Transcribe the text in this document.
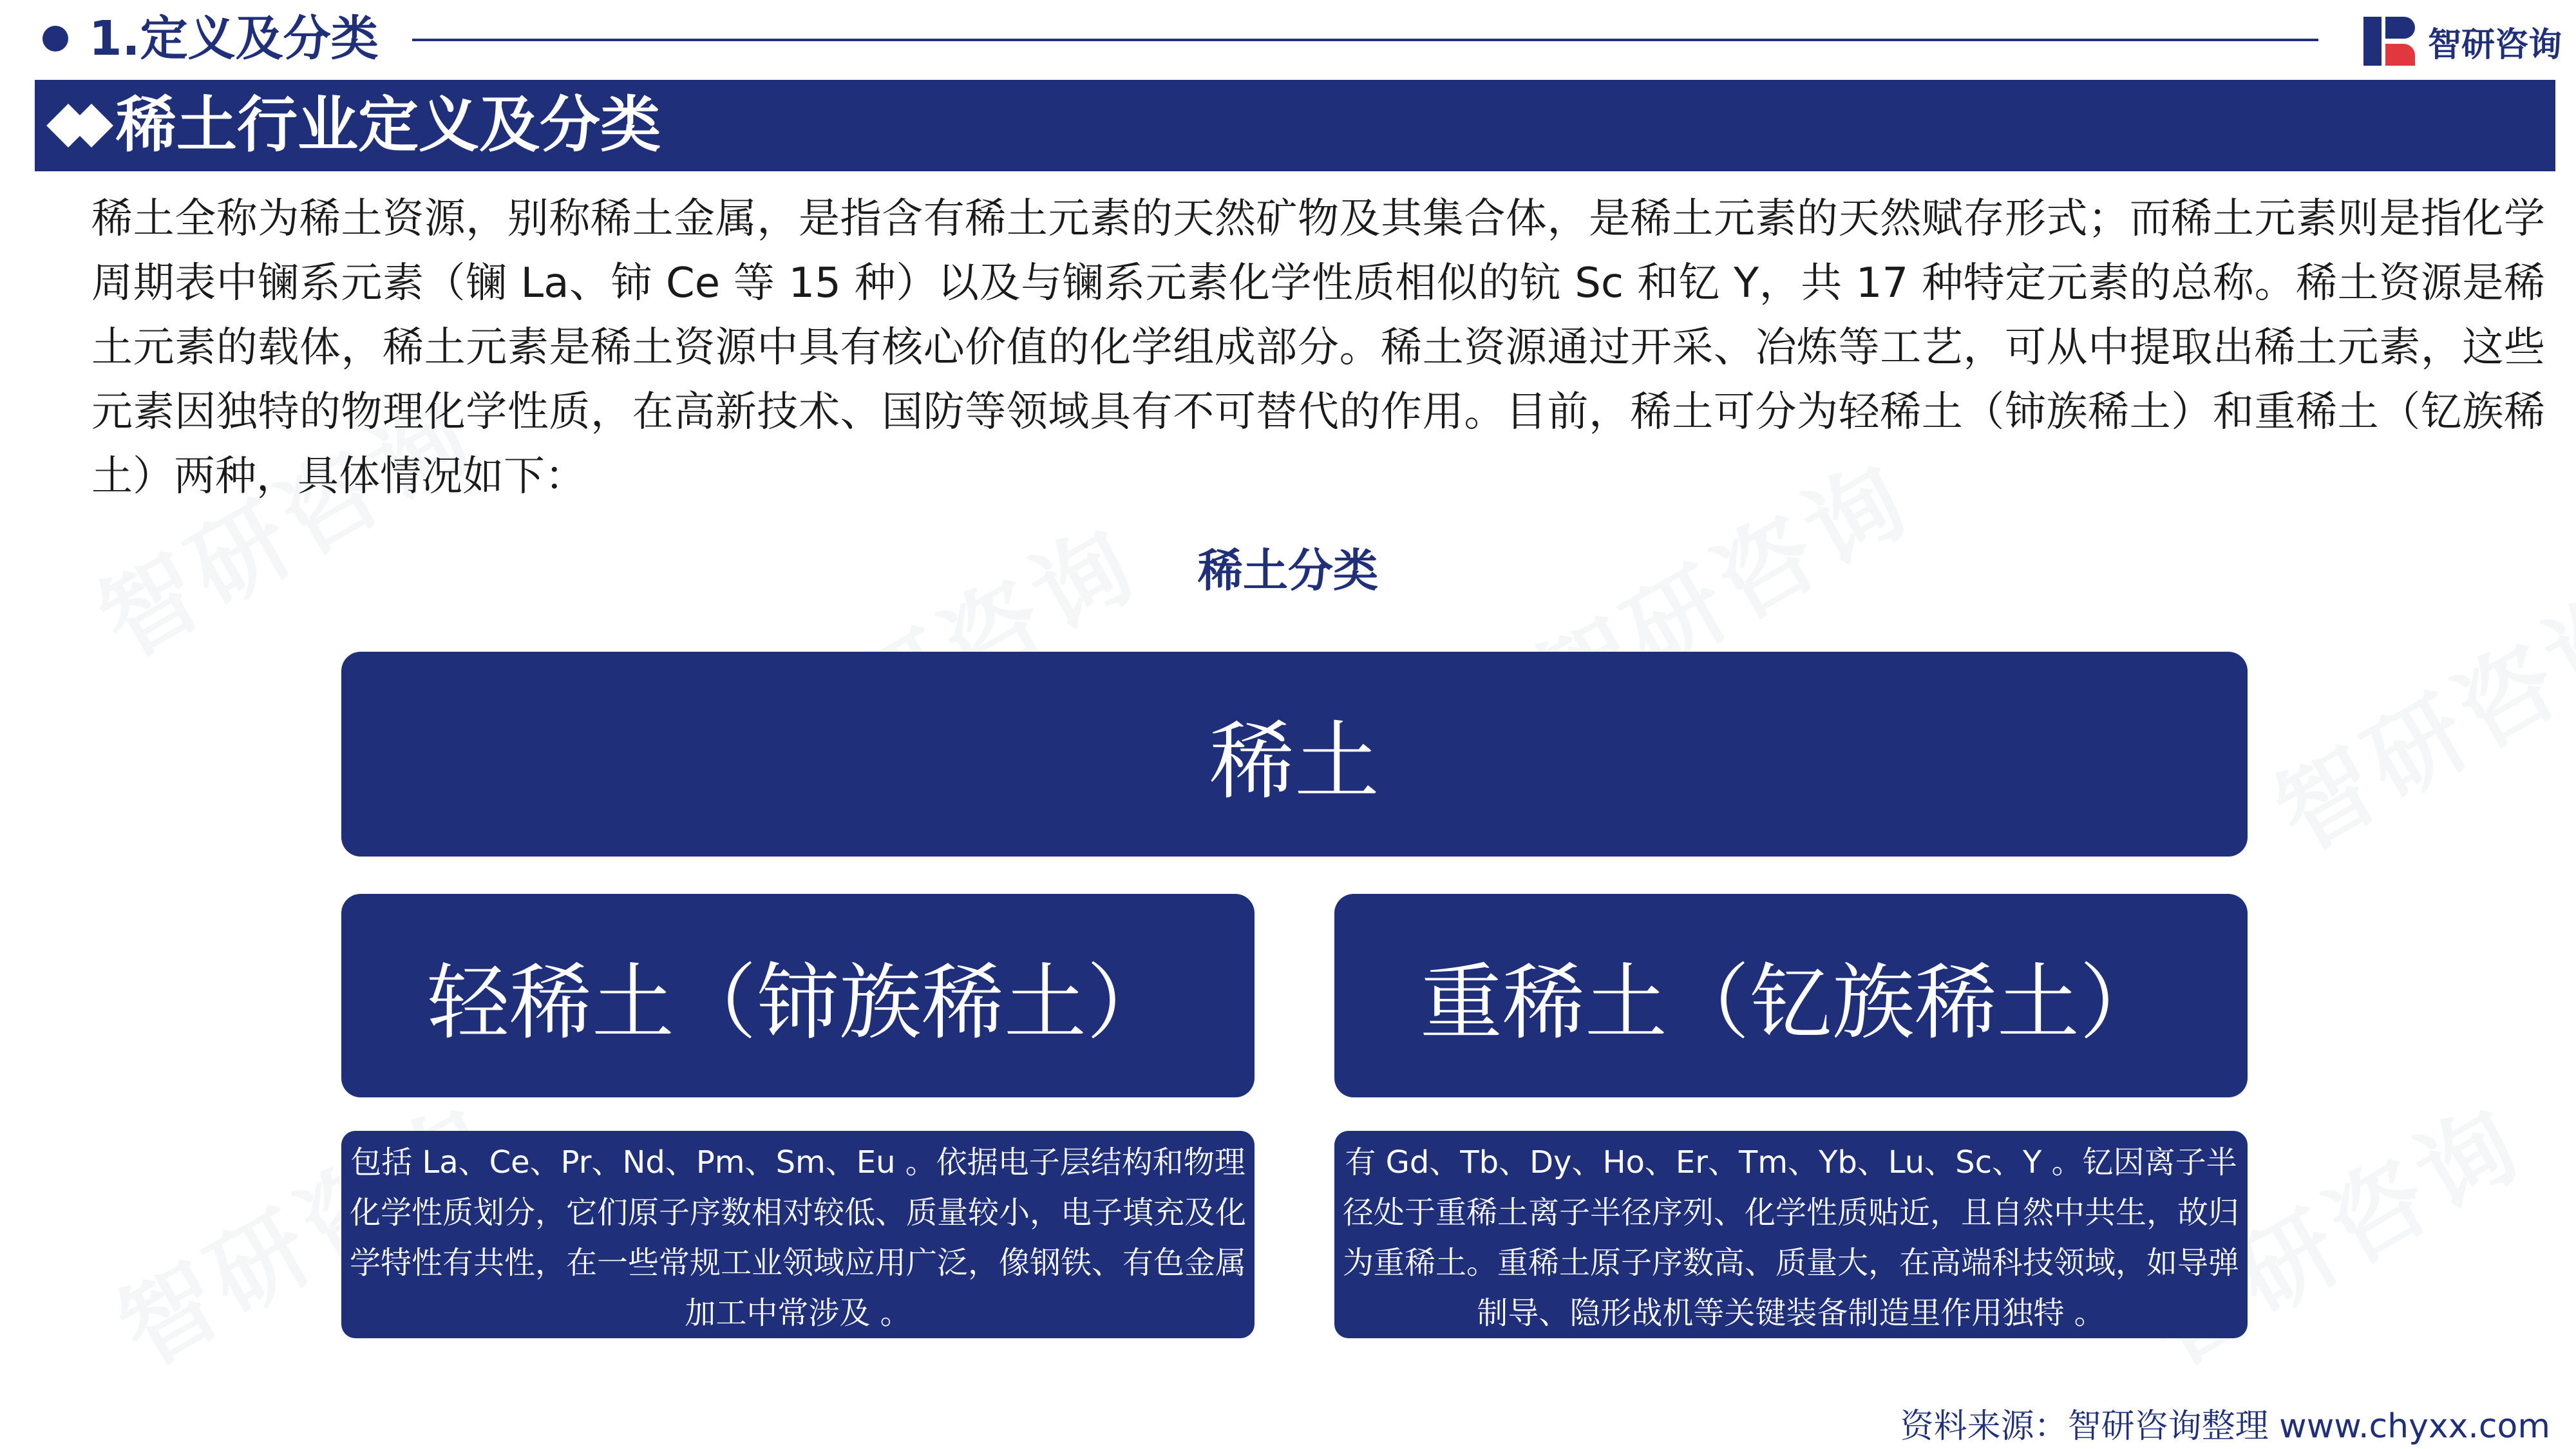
1.定义及分类	智研咨询
稀土行业定义及分类
稀土全称为稀土资源，别称稀土金属，是指含有稀土元素的天然矿物及其集合体，是稀土元素的天然赋存形式；而稀土元素则是指化学周期表中镧系元素（镧 La、铈 Ce 等 15 种）以及与镧系元素化学性质相似的钪 Sc 和钇 Y，共 17 种特定元素的总称。稀土资源是稀土元素的载体，稀土元素是稀土资源中具有核心价值的化学组成部分。稀土资源通过开采、冶炼等工艺，可从中提取出稀土元素，这些元素因独特的物理化学性质，在高新技术、国防等领域具有不可替代的作用。目前，稀土可分为轻稀土（铈族稀土）和重稀土（钇族稀土）两种，具体情况如下：
稀土分类
稀土
轻稀土（铈族稀土）	重稀土（钇族稀土）
包括 La、Ce、Pr、Nd、Pm、Sm、Eu 。依据电子层结构和物理化学性质划分，它们原子序数相对较低、质量较小，电子填充及化学特性有共性，在一些常规工业领域应用广泛，像钢铁、有色金属加工中常涉及 。
有 Gd、Tb、Dy、Ho、Er、Tm、Yb、Lu、Sc、Y 。钇因离子半径处于重稀土离子半径序列、化学性质贴近，且自然中共生，故归为重稀土。重稀土原子序数高、质量大，在高端科技领域，如导弹制导、隐形战机等关键装备制造里作用独特 。
资料来源：智研咨询整理 www.chyxx.com
